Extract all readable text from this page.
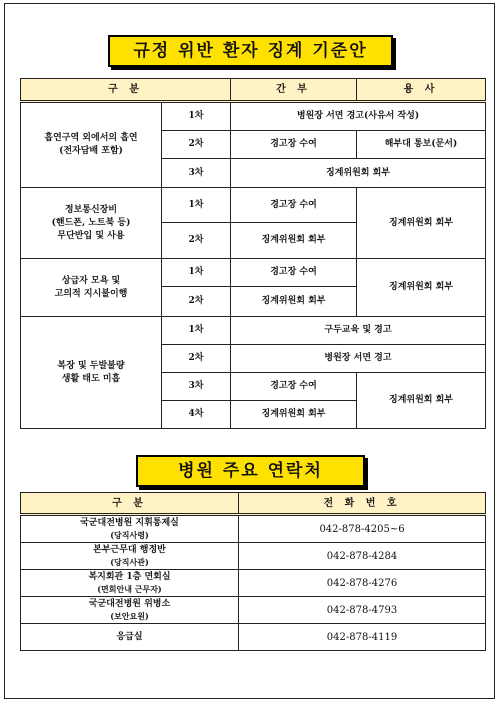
규정 위반 환자 징계 기준안
구 분		간 부	용 사
흡연구역 외에서의 흡연
(전자담배 포함)	1차	병원장 서면 경고(사유서 작성)	
	2차	경고장 수여	해부대 통보(문서)
	3차	징계위원회 회부	
정보통신장비
(핸드폰, 노트북 등)
무단반입 및 사용	1차	경고장 수여	징계위원회 회부
	2차	징계위원회 회부	
상급자 모욕 및
고의적 지시불이행	1차	경고장 수여	징계위원회 회부
	2차	징계위원회 회부	
복장 및 두발불량
생활 태도 미흡	1차	구두교육 및 경고	
	2차	병원장 서면 경고	
	3차	경고장 수여	징계위원회 회부
	4차	징계위원회 회부	
병원 주요 연락처
구 분	전 화 번 호
국군대전병원 지휘통제실
(당직사령)	042-878-4205~6
본부근무대 행정반
(당직사관)	042-878-4284
복지회관 1층 면회실
(면회안내 근무자)	042-878-4276
국군대전병원 위병소
(보안요원)	042-878-4793
응급실	042-878-4119
